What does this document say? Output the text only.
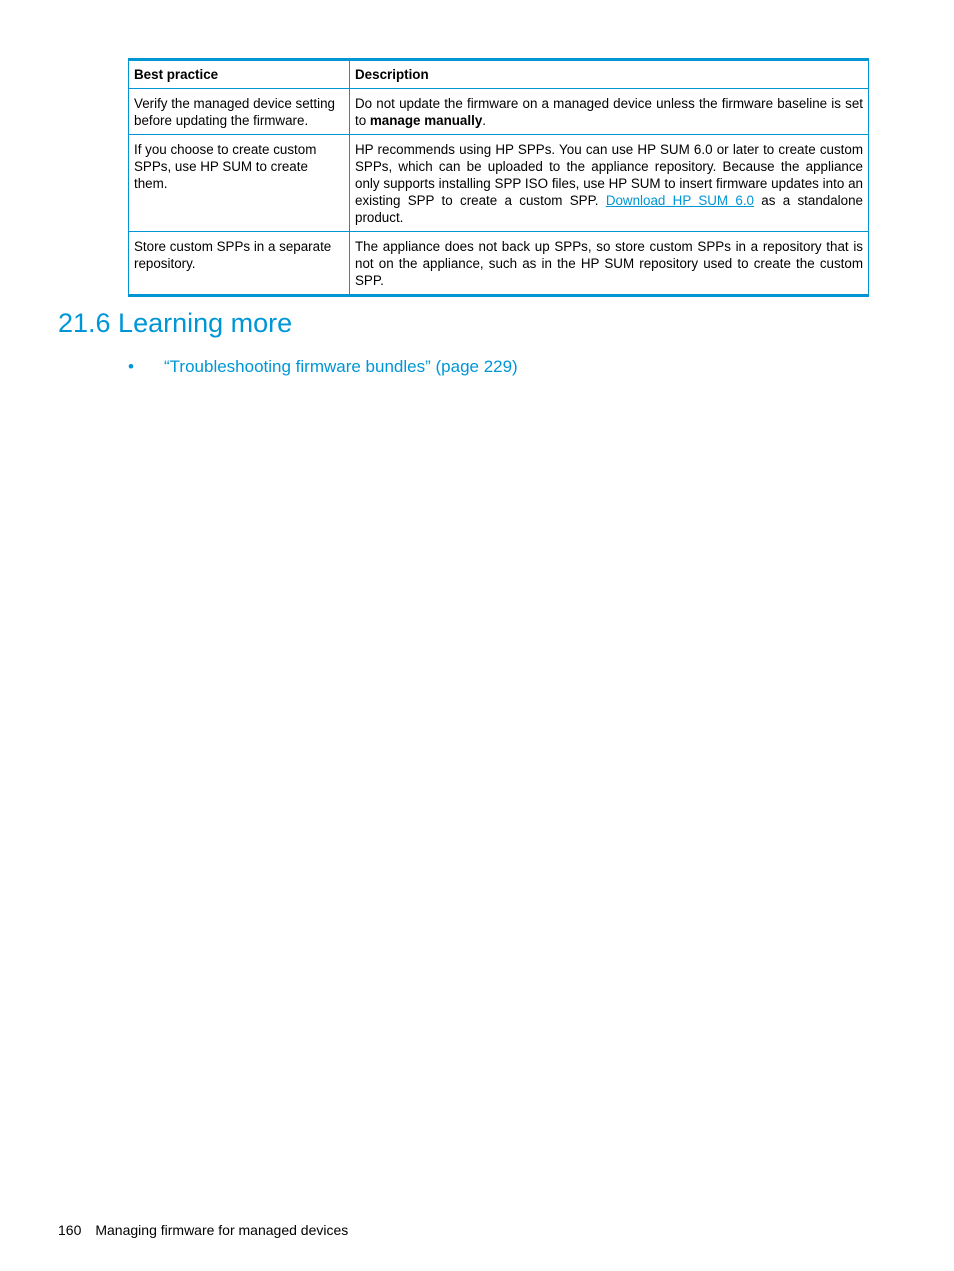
Best practice	Description
Verify the managed device setting before updating the firmware.	Do not update the firmware on a managed device unless the firmware baseline is set to manage manually.
If you choose to create custom SPPs, use HP SUM to create them.	HP recommends using HP SPPs. You can use HP SUM 6.0 or later to create custom SPPs, which can be uploaded to the appliance repository. Because the appliance only supports installing SPP ISO files, use HP SUM to insert firmware updates into an existing SPP to create a custom SPP. Download HP SUM 6.0 as a standalone product.
Store custom SPPs in a separate repository.	The appliance does not back up SPPs, so store custom SPPs in a repository that is not on the appliance, such as in the HP SUM repository used to create the custom SPP.
21.6 Learning more
• “Troubleshooting firmware bundles” (page 229)
160 Managing firmware for managed devices
